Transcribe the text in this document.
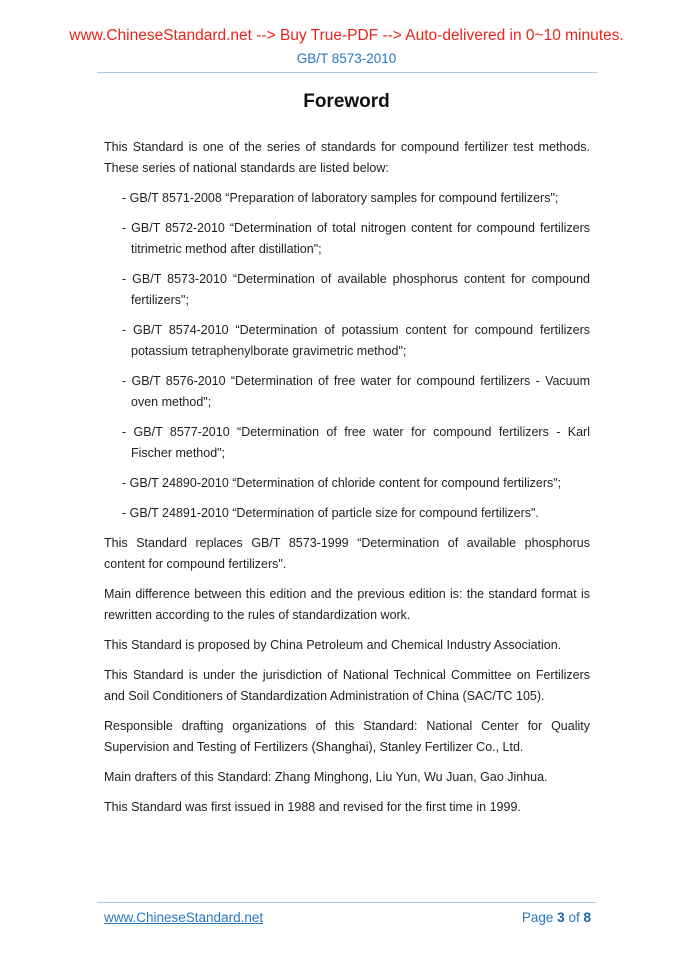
www.ChineseStandard.net --> Buy True-PDF --> Auto-delivered in 0~10 minutes.
GB/T 8573-2010
Foreword

This Standard is one of the series of standards for compound fertilizer test methods. These series of national standards are listed below:

- GB/T 8571-2008 “Preparation of laboratory samples for compound fertilizers";

- GB/T 8572-2010 “Determination of total nitrogen content for compound fertilizers titrimetric method after distillation";

- GB/T 8573-2010 “Determination of available phosphorus content for compound fertilizers";

- GB/T 8574-2010 “Determination of potassium content for compound fertilizers potassium tetraphenylborate gravimetric method";

- GB/T 8576-2010 “Determination of free water for compound fertilizers - Vacuum oven method";

- GB/T 8577-2010 “Determination of free water for compound fertilizers - Karl Fischer method";

- GB/T 24890-2010 “Determination of chloride content for compound fertilizers";

- GB/T 24891-2010 “Determination of particle size for compound fertilizers".

This Standard replaces GB/T 8573-1999 “Determination of available phosphorus content for compound fertilizers".

Main difference between this edition and the previous edition is: the standard format is rewritten according to the rules of standardization work.

This Standard is proposed by China Petroleum and Chemical Industry Association.

This Standard is under the jurisdiction of National Technical Committee on Fertilizers and Soil Conditioners of Standardization Administration of China (SAC/TC 105).

Responsible drafting organizations of this Standard: National Center for Quality Supervision and Testing of Fertilizers (Shanghai), Stanley Fertilizer Co., Ltd.

Main drafters of this Standard: Zhang Minghong, Liu Yun, Wu Juan, Gao Jinhua.

This Standard was first issued in 1988 and revised for the first time in 1999.

www.ChineseStandard.net	Page 3 of 8
